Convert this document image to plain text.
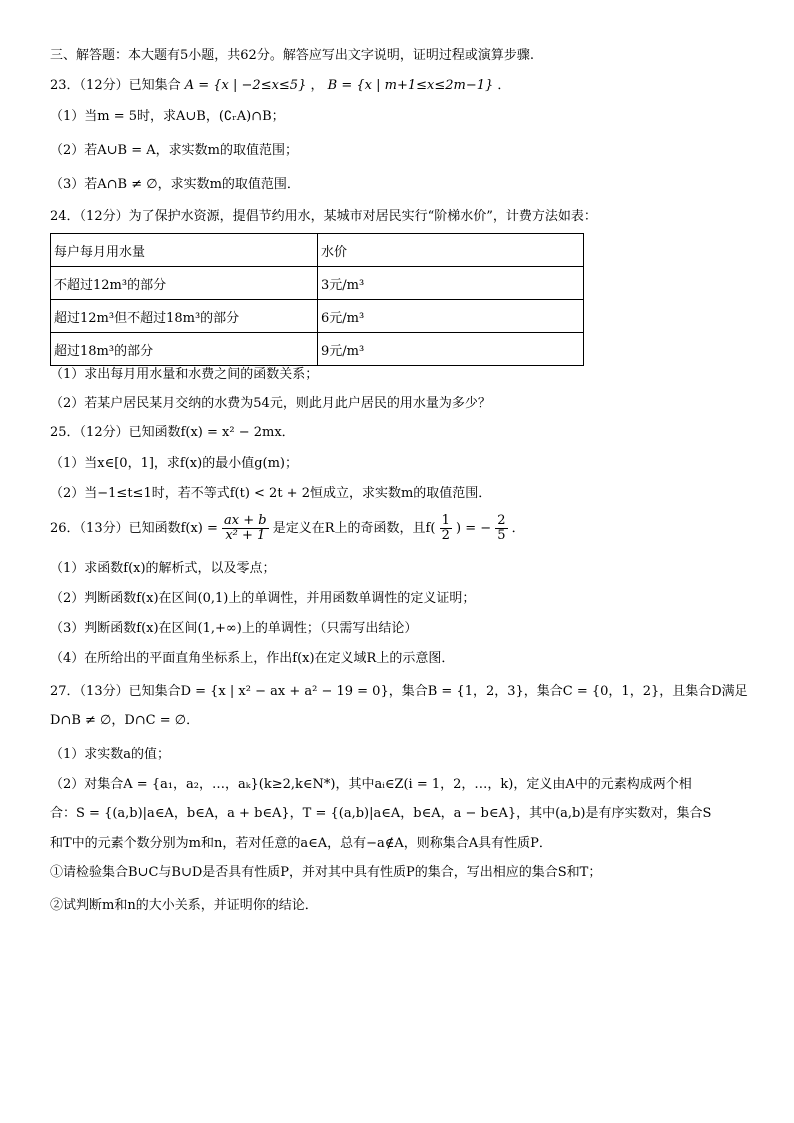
三、解答题：本大题有5小题，共62分。解答应写出文字说明，证明过程或演算步骤.
23．（12分）已知集合 A = {x | −2≤x≤5} ， B = {x | m+1≤x≤2m−1} ．
（1）当m = 5时，求A∪B，(∁ᵣA)∩B；
（2）若A∪B = A，求实数m的取值范围；
（3）若A∩B ≠ ∅，求实数m的取值范围．
24．（12分）为了保护水资源，提倡节约用水，某城市对居民实行“阶梯水价”，计费方法如表：
每户每月用水量	水价
不超过12m³的部分	3元/m³
超过12m³但不超过18m³的部分	6元/m³
超过18m³的部分	9元/m³
（1）求出每月用水量和水费之间的函数关系；
（2）若某户居民某月交纳的水费为54元，则此月此户居民的用水量为多少？
25．（12分）已知函数f(x) = x² − 2mx．
（1）当x∈[0，1]，求f(x)的最小值g(m)；
（2）当−1≤t≤1时，若不等式f(t) < 2t + 2恒成立，求实数m的取值范围．
26．（13分）已知函数$f(x) = \frac{ax + b}{\text{x² + 1}}$ 是定义在R上的奇函数，且$f( \frac{1}{2}$ ) = − $\frac{2}{5}$ ．
（1）求函数f(x)的解析式，以及零点；
（2）判断函数f(x)在区间(0,1)上的单调性，并用函数单调性的定义证明；
（3）判断函数f(x)在区间(1,+∞)上的单调性；（只需写出结论）
（4）在所给出的平面直角坐标系上，作出f(x)在定义域R上的示意图．
27．（13分）已知集合D = {x | x² − ax + a² − 19 = 0}，集合B = {1，2，3}，集合C = {0，1，2}，且集合D满足
D∩B ≠ ∅，D∩C = ∅．
（1）求实数a的值；
（2）对集合A = {a₁，a₂，…，aₖ}(k≥2,k∈N*)，其中aᵢ∈Z(i = 1，2，…，k)，定义由A中的元素构成两个相
合：S = {(a,b)|a∈A，b∈A，a + b∈A}，T = {(a,b)|a∈A，b∈A，a − b∈A}，其中(a,b)是有序实数对，集合S
和T中的元素个数分别为m和n，若对任意的a∈A，总有−a∉A，则称集合A具有性质P．
①请检验集合B∪C与B∪D是否具有性质P，并对其中具有性质P的集合，写出相应的集合S和T；
②试判断m和n的大小关系，并证明你的结论．
